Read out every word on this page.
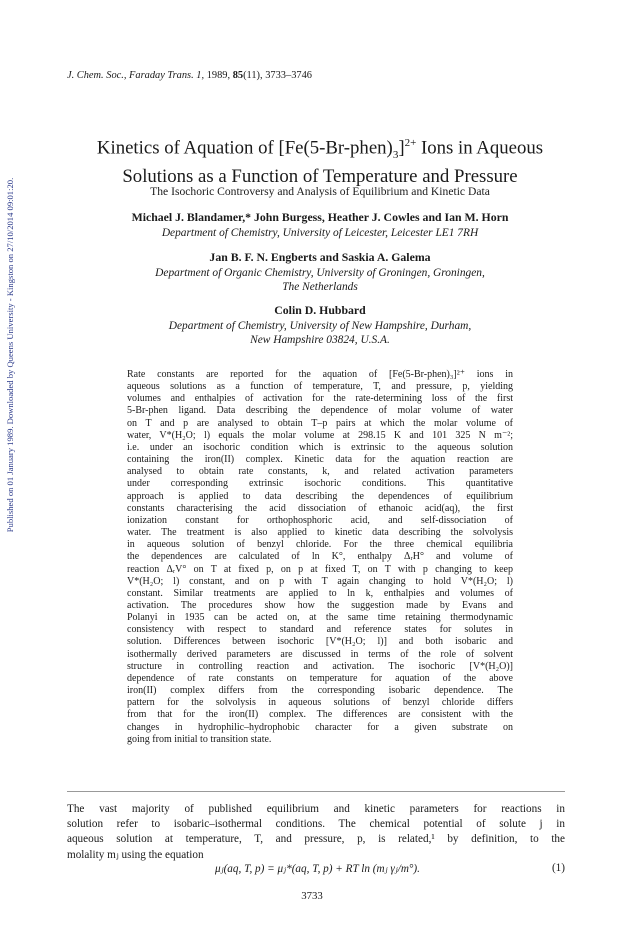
Published on 01 January 1989. Downloaded by Queens University - Kingston on 27/10/2014 09:01:20.
J. Chem. Soc., Faraday Trans. 1, 1989, 85(11), 3733–3746
Kinetics of Aquation of $[Fe(5-Br-phen)_3]^{2+}$ Ions in Aqueous
Solutions as a Function of Temperature and Pressure
The Isochoric Controversy and Analysis of Equilibrium and Kinetic Data
Michael J. Blandamer,* John Burgess, Heather J. Cowles and Ian M. Horn
Department of Chemistry, University of Leicester, Leicester LE1 7RH
Jan B. F. N. Engberts and Saskia A. Galema
Department of Organic Chemistry, University of Groningen, Groningen,
The Netherlands
Colin D. Hubbard
Department of Chemistry, University of New Hampshire, Durham,
New Hampshire 03824, U.S.A.
Rate constants are reported for the aquation of [Fe(5-Br-phen)₃]²⁺ ions in
aqueous solutions as a function of temperature, T, and pressure, p, yielding
volumes and enthalpies of activation for the rate-determining loss of the first
5-Br-phen ligand. Data describing the dependence of molar volume of water
on T and p are analysed to obtain T–p pairs at which the molar volume of
water, V*(H₂O; l) equals the molar volume at 298.15 K and 101 325 N m⁻²;
i.e. under an isochoric condition which is extrinsic to the aqueous solution
containing the iron(II) complex. Kinetic data for the aquation reaction are
analysed to obtain rate constants, k, and related activation parameters
under corresponding extrinsic isochoric conditions. This quantitative
approach is applied to data describing the dependences of equilibrium
constants characterising the acid dissociation of ethanoic acid(aq), the first
ionization constant for orthophosphoric acid, and self-dissociation of
water. The treatment is also applied to kinetic data describing the solvolysis
in aqueous solution of benzyl chloride. For the three chemical equilibria
the dependences are calculated of ln K°, enthalpy ΔᵣH° and volume of
reaction ΔᵣV° on T at fixed p, on p at fixed T, on T with p changing to keep
V*(H₂O; l) constant, and on p with T again changing to hold V*(H₂O; l)
constant. Similar treatments are applied to ln k, enthalpies and volumes of
activation. The procedures show how the suggestion made by Evans and
Polanyi in 1935 can be acted on, at the same time retaining thermodynamic
consistency with respect to standard and reference states for solutes in
solution. Differences between isochoric [V*(H₂O; l)] and both isobaric and
isothermally derived parameters are discussed in terms of the role of solvent
structure in controlling reaction and activation. The isochoric [V*(H₂O)]
dependence of rate constants on temperature for aquation of the above
iron(II) complex differs from the corresponding isobaric dependence. The
pattern for the solvolysis in aqueous solutions of benzyl chloride differs
from that for the iron(II) complex. The differences are consistent with the
changes in hydrophilic–hydrophobic character for a given substrate on
going from initial to transition state.
The vast majority of published equilibrium and kinetic parameters for reactions in
solution refer to isobaric–isothermal conditions. The chemical potential of solute j in
aqueous solution at temperature, T, and pressure, p, is related,¹ by definition, to the
molality mⱼ using the equation
μⱼ(aq, T, p) = μⱼ*(aq, T, p) + RT ln (mⱼ γⱼ/m°).	(1)
3733
